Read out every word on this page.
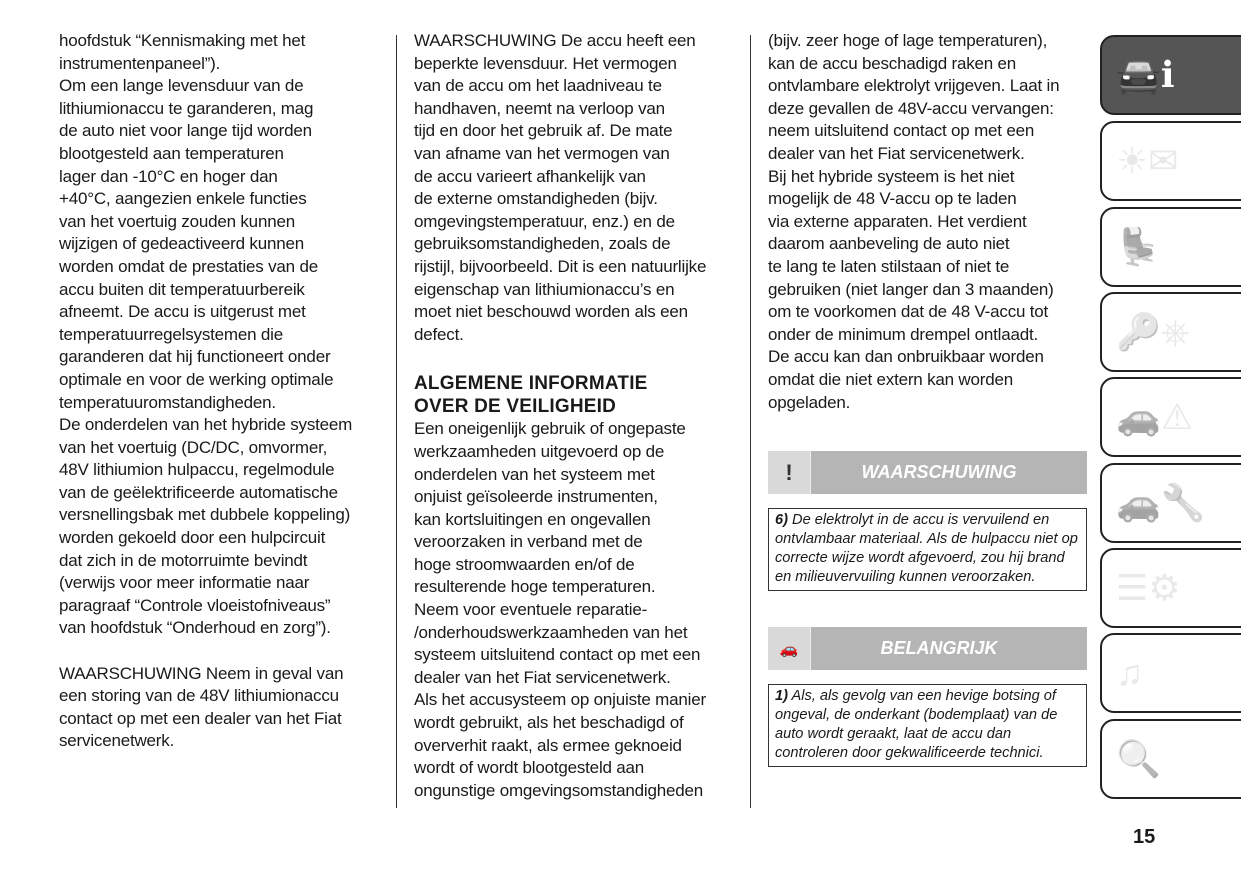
hoofdstuk “Kennismaking met het
instrumentenpaneel”).
Om een lange levensduur van de
lithiumionaccu te garanderen, mag
de auto niet voor lange tijd worden
blootgesteld aan temperaturen
lager dan -10°C en hoger dan
+40°C, aangezien enkele functies
van het voertuig zouden kunnen
wijzigen of gedeactiveerd kunnen
worden omdat de prestaties van de
accu buiten dit temperatuurbereik
afneemt. De accu is uitgerust met
temperatuurregelsystemen die
garanderen dat hij functioneert onder
optimale en voor de werking optimale
temperatuuromstandigheden.
De onderdelen van het hybride systeem
van het voertuig (DC/DC, omvormer,
48V lithiumion hulpaccu, regelmodule
van de geëlektrificeerde automatische
versnellingsbak met dubbele koppeling)
worden gekoeld door een hulpcircuit
dat zich in de motorruimte bevindt
(verwijs voor meer informatie naar
paragraaf “Controle vloeistofniveaus”
van hoofdstuk “Onderhoud en zorg”).
WAARSCHUWING Neem in geval van
een storing van de 48V lithiumionaccu
contact op met een dealer van het Fiat
servicenetwerk.
WAARSCHUWING De accu heeft een
beperkte levensduur. Het vermogen
van de accu om het laadniveau te
handhaven, neemt na verloop van
tijd en door het gebruik af. De mate
van afname van het vermogen van
de accu varieert afhankelijk van
de externe omstandigheden (bijv.
omgevingstemperatuur, enz.) en de
gebruiksomstandigheden, zoals de
rijstijl, bijvoorbeeld. Dit is een natuurlijke
eigenschap van lithiumionaccu’s en
moet niet beschouwd worden als een
defect.
ALGEMENE INFORMATIE
OVER DE VEILIGHEID
Een oneigenlijk gebruik of ongepaste
werkzaamheden uitgevoerd op de
onderdelen van het systeem met
onjuist geïsoleerde instrumenten,
kan kortsluitingen en ongevallen
veroorzaken in verband met de
hoge stroomwaarden en/of de
resulterende hoge temperaturen.
Neem voor eventuele reparatie-
/onderhoudswerkzaamheden van het
systeem uitsluitend contact op met een
dealer van het Fiat servicenetwerk.
Als het accusysteem op onjuiste manier
wordt gebruikt, als het beschadigd of
oververhit raakt, als ermee geknoeid
wordt of wordt blootgesteld aan
ongunstige omgevingsomstandigheden
(bijv. zeer hoge of lage temperaturen),
kan de accu beschadigd raken en
ontvlambare elektrolyt vrijgeven. Laat in
deze gevallen de 48V-accu vervangen:
neem uitsluitend contact op met een
dealer van het Fiat servicenetwerk.
Bij het hybride systeem is het niet
mogelijk de 48 V-accu op te laden
via externe apparaten. Het verdient
daarom aanbeveling de auto niet
te lang te laten stilstaan of niet te
gebruiken (niet langer dan 3 maanden)
om te voorkomen dat de 48 V-accu tot
onder de minimum drempel ontlaadt.
De accu kan dan onbruikbaar worden
omdat die niet extern kan worden
opgeladen.
!	WAARSCHUWING
6) De elektrolyt in de accu is vervuilend en ontvlambaar materiaal. Als de hulpaccu niet op correcte wijze wordt afgevoerd, zou hij brand en milieuvervuiling kunnen veroorzaken.
🚗	BELANGRIJK
1) Als, als gevolg van een hevige botsing of ongeval, de onderkant (bodemplaat) van de auto wordt geraakt, laat de accu dan controleren door gekwalificeerde technici.
🚘ℹ
☀✉
💺
🔑⎈
🚗⚠
🚗🔧
☰⚙
♫
🔍
15
